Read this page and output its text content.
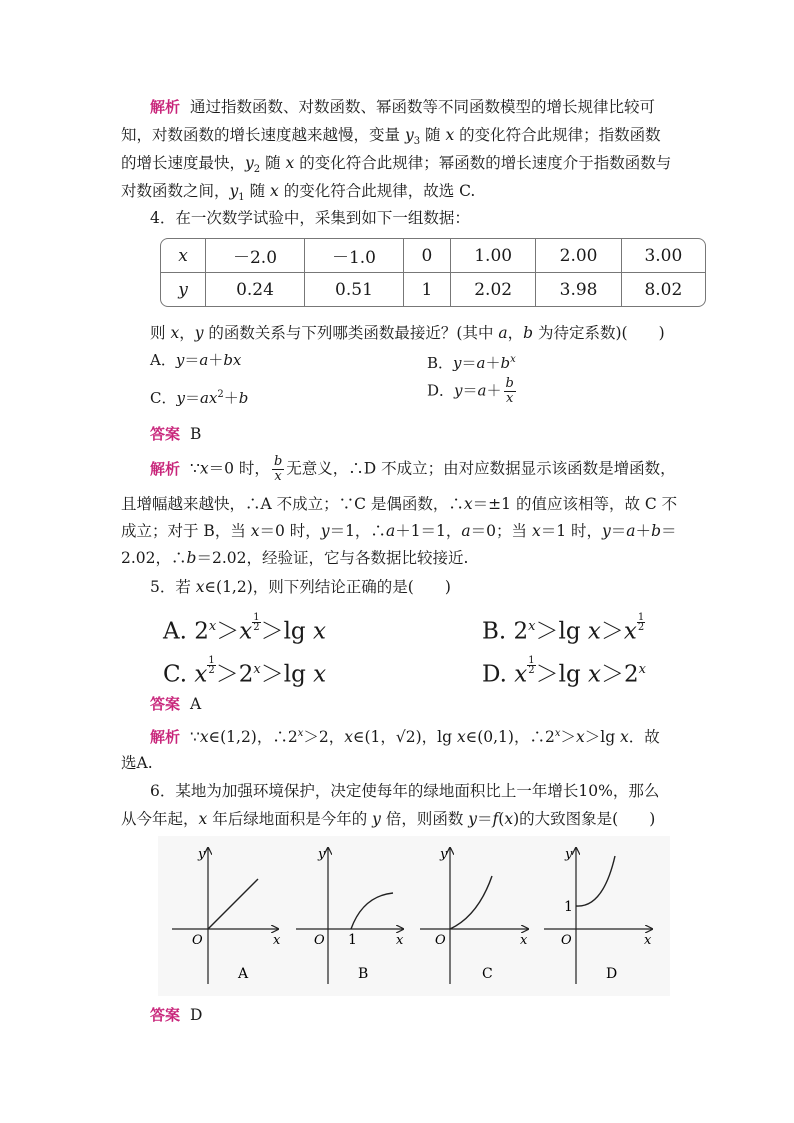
解析 通过指数函数、对数函数、幂函数等不同函数模型的增长规律比较可
知，对数函数的增长速度越来越慢，变量 $y_3$ 随 x 的变化符合此规律；指数函数
的增长速度最快，$y_2$ 随 x 的变化符合此规律；幂函数的增长速度介于指数函数与
对数函数之间，$y_1$ 随 x 的变化符合此规律，故选 C.
4．在一次数学试验中，采集到如下一组数据：
x	－2.0	－1.0	0	1.00	2.00	3.00
y	0.24	0.51	1	2.02	3.98	8.02
则 x，y 的函数关系与下列哪类函数最接近？(其中 a，b 为待定系数)(　　)
A．y＝a＋bx	B．$y=a+b^x$
C．$y=ax^2+b$	D．$y=a+ \frac{b}{x}$
答案 B
解析 ∵x＝0 时， $\frac{b}{x}$ 无意义，∴D 不成立；由对应数据显示该函数是增函数，
且增幅越来越快，∴A 不成立；∵C 是偶函数，∴x＝±1 的值应该相等，故 C 不
成立；对于 B，当 x＝0 时，y＝1，∴a＋1＝1，a＝0；当 x＝1 时，y＝a＋b＝
2.02，∴b＝2.02，经验证，它与各数据比较接近.
5．若 x∈(1,2)，则下列结论正确的是(　　)
A. $2^x>x \frac{1}{2} >\lg$ x	B. $2^x>\lg$ $x>x \frac{1}{2}$
C. x $\frac{1}{2} >2^x>\lg$ x	D. x $\frac{1}{2} >\lg$ $x>2^x$
答案 A
解析 ∵x∈(1,2)，$\therefore 2^x>2$，x∈(1，√2)，lg x∈(0,1)，$\therefore 2^x>x>\lg$ x．故
选A.
6．某地为加强环境保护，决定使每年的绿地面积比上一年增长10%，那么
从今年起，x 年后绿地面积是今年的 y 倍，则函数 y＝f(x)的大致图象是(　　)
y
x
O
A
y
x
O 1
B
y
x
O
C
y
x
O
1
D
答案 D
